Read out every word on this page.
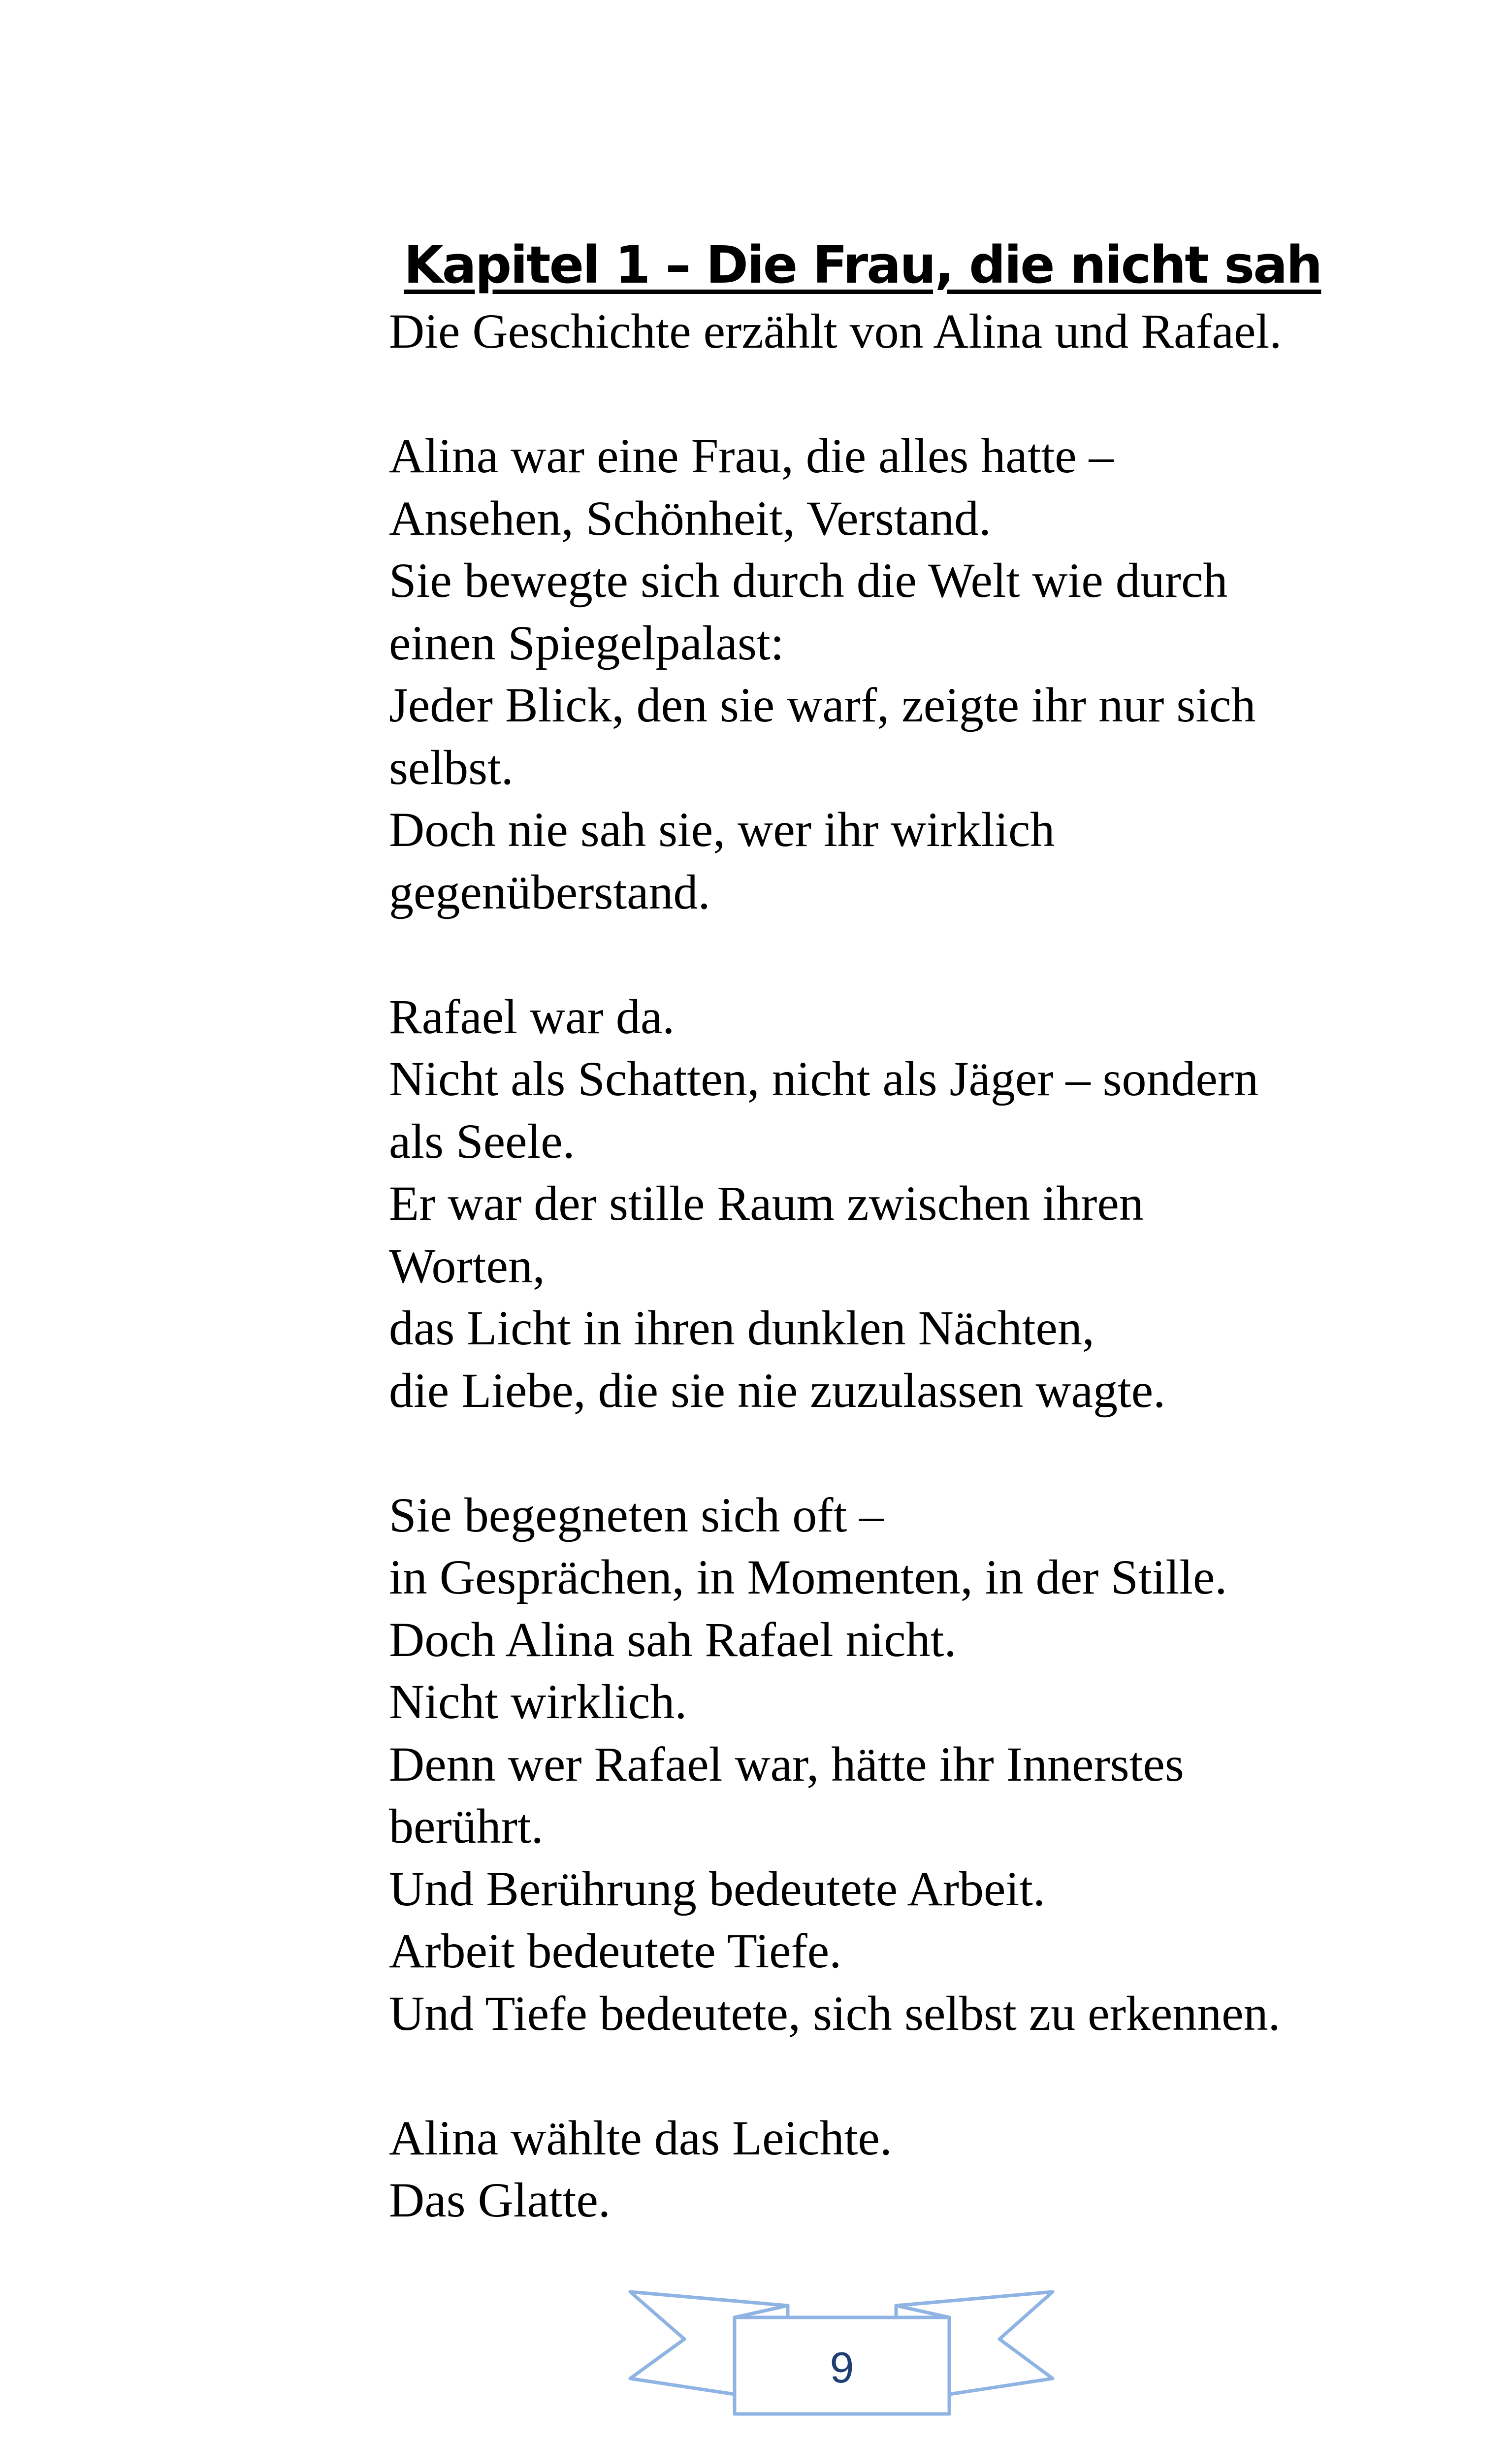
Kapitel 1 – Die Frau, die nicht sah
Die Geschichte erzählt von Alina und Rafael.
Alina war eine Frau, die alles hatte –
Ansehen, Schönheit, Verstand.
Sie bewegte sich durch die Welt wie durch
einen Spiegelpalast:
Jeder Blick, den sie warf, zeigte ihr nur sich
selbst.
Doch nie sah sie, wer ihr wirklich
gegenüberstand.
Rafael war da.
Nicht als Schatten, nicht als Jäger – sondern
als Seele.
Er war der stille Raum zwischen ihren
Worten,
das Licht in ihren dunklen Nächten,
die Liebe, die sie nie zuzulassen wagte.
Sie begegneten sich oft –
in Gesprächen, in Momenten, in der Stille.
Doch Alina sah Rafael nicht.
Nicht wirklich.
Denn wer Rafael war, hätte ihr Innerstes
berührt.
Und Berührung bedeutete Arbeit.
Arbeit bedeutete Tiefe.
Und Tiefe bedeutete, sich selbst zu erkennen.
Alina wählte das Leichte.
Das Glatte.
9
